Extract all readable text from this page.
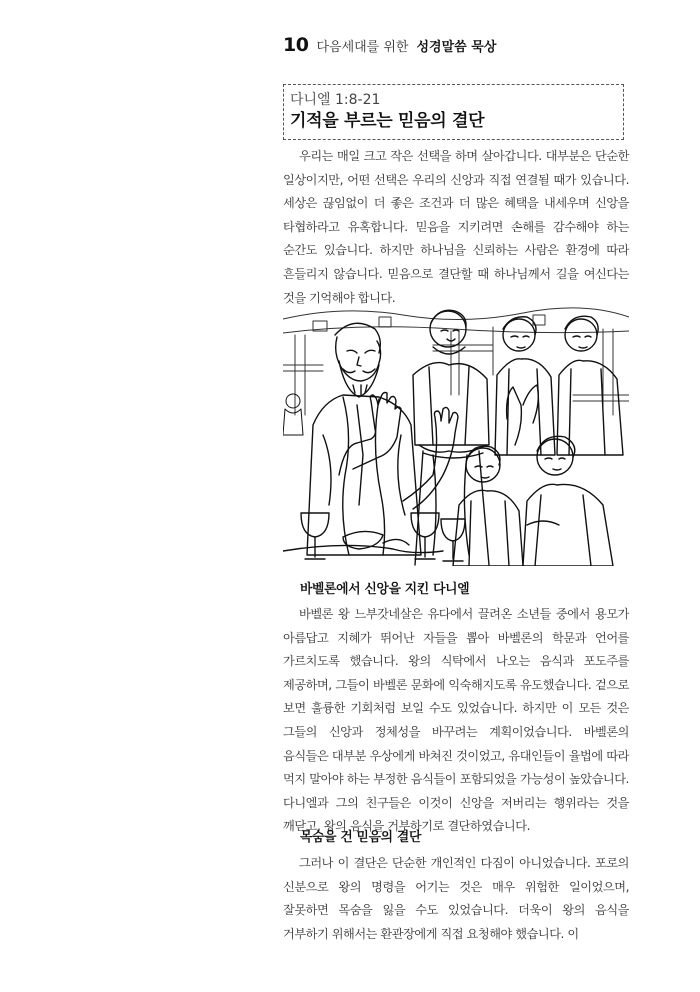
10 다음세대를 위한 성경말씀 묵상
다니엘 1:8-21
기적을 부르는 믿음의 결단

우리는 매일 크고 작은 선택을 하며 살아갑니다. 대부분은 단순한 일상이지만, 어떤 선택은 우리의 신앙과 직접 연결될 때가 있습니다. 세상은 끊임없이 더 좋은 조건과 더 많은 혜택을 내세우며 신앙을 타협하라고 유혹합니다. 믿음을 지키려면 손해를 감수해야 하는 순간도 있습니다. 하지만 하나님을 신뢰하는 사람은 환경에 따라 흔들리지 않습니다. 믿음으로 결단할 때 하나님께서 길을 여신다는 것을 기억해야 합니다.

바벨론에서 신앙을 지킨 다니엘

바벨론 왕 느부갓네살은 유다에서 끌려온 소년들 중에서 용모가 아름답고 지혜가 뛰어난 자들을 뽑아 바벨론의 학문과 언어를 가르치도록 했습니다. 왕의 식탁에서 나오는 음식과 포도주를 제공하며, 그들이 바벨론 문화에 익숙해지도록 유도했습니다. 겉으로 보면 훌륭한 기회처럼 보일 수도 있었습니다. 하지만 이 모든 것은 그들의 신앙과 정체성을 바꾸려는 계획이었습니다. 바벨론의 음식들은 대부분 우상에게 바쳐진 것이었고, 유대인들이 율법에 따라 먹지 말아야 하는 부정한 음식들이 포함되었을 가능성이 높았습니다. 다니엘과 그의 친구들은 이것이 신앙을 저버리는 행위라는 것을 깨닫고, 왕의 음식을 거부하기로 결단하였습니다.

목숨을 건 믿음의 결단

그러나 이 결단은 단순한 개인적인 다짐이 아니었습니다. 포로의 신분으로 왕의 명령을 어기는 것은 매우 위험한 일이었으며, 잘못하면 목숨을 잃을 수도 있었습니다. 더욱이 왕의 음식을 거부하기 위해서는 환관장에게 직접 요청해야 했습니다. 이
